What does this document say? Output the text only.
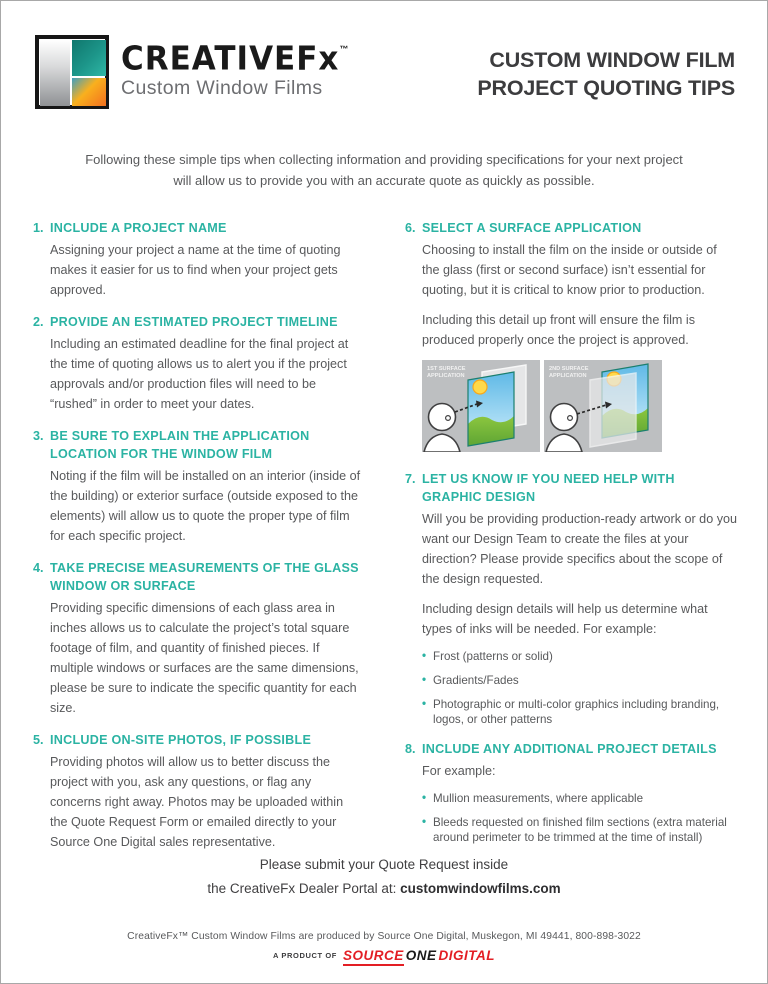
CREATIVEFx™
Custom Window Films
CUSTOM WINDOW FILM
PROJECT QUOTING TIPS

Following these simple tips when collecting information and providing specifications for your next project will allow us to provide you with an accurate quote as quickly as possible.

1. INCLUDE A PROJECT NAME

Assigning your project a name at the time of quoting makes it easier for us to find when your project gets approved.

2. PROVIDE AN ESTIMATED PROJECT TIMELINE

Including an estimated deadline for the final project at the time of quoting allows us to alert you if the project approvals and/or production files will need to be “rushed” in order to meet your dates.

3. BE SURE TO EXPLAIN THE APPLICATION LOCATION FOR THE WINDOW FILM

Noting if the film will be installed on an interior (inside of the building) or exterior surface (outside exposed to the elements) will allow us to quote the proper type of film for each specific project.

4. TAKE PRECISE MEASUREMENTS OF THE GLASS WINDOW OR SURFACE

Providing specific dimensions of each glass area in inches allows us to calculate the project’s total square footage of film, and quantity of finished pieces. If multiple windows or surfaces are the same dimensions, please be sure to indicate the specific quantity for each size.

5. INCLUDE ON-SITE PHOTOS, IF POSSIBLE

Providing photos will allow us to better discuss the project with you, ask any questions, or flag any concerns right away. Photos may be uploaded within the Quote Request Form or emailed directly to your Source One Digital sales representative.

6. SELECT A SURFACE APPLICATION

Choosing to install the film on the inside or outside of the glass (first or second surface) isn’t essential for quoting, but it is critical to know prior to production.

Including this detail up front will ensure the film is produced properly once the project is approved.

1ST SURFACE
APPLICATION
2ND SURFACE
APPLICATION
7. LET US KNOW IF YOU NEED HELP WITH GRAPHIC DESIGN

Will you be providing production-ready artwork or do you want our Design Team to create the files at your direction? Please provide specifics about the scope of the design requested.

Including design details will help us determine what types of inks will be needed. For example:

• Frost (patterns or solid)
• Gradients/Fades
• Photographic or multi-color graphics including branding, logos, or other patterns
8. INCLUDE ANY ADDITIONAL PROJECT DETAILS

For example:

• Mullion measurements, where applicable
• Bleeds requested on finished film sections (extra material around perimeter to be trimmed at the time of install)
Please submit your Quote Request inside
the CreativeFx Dealer Portal at: customwindowfilms.com
CreativeFx™ Custom Window Films are produced by Source One Digital, Muskegon, MI 49441, 800-898-3022
A PRODUCT OF SOURCE ONE DIGITAL
